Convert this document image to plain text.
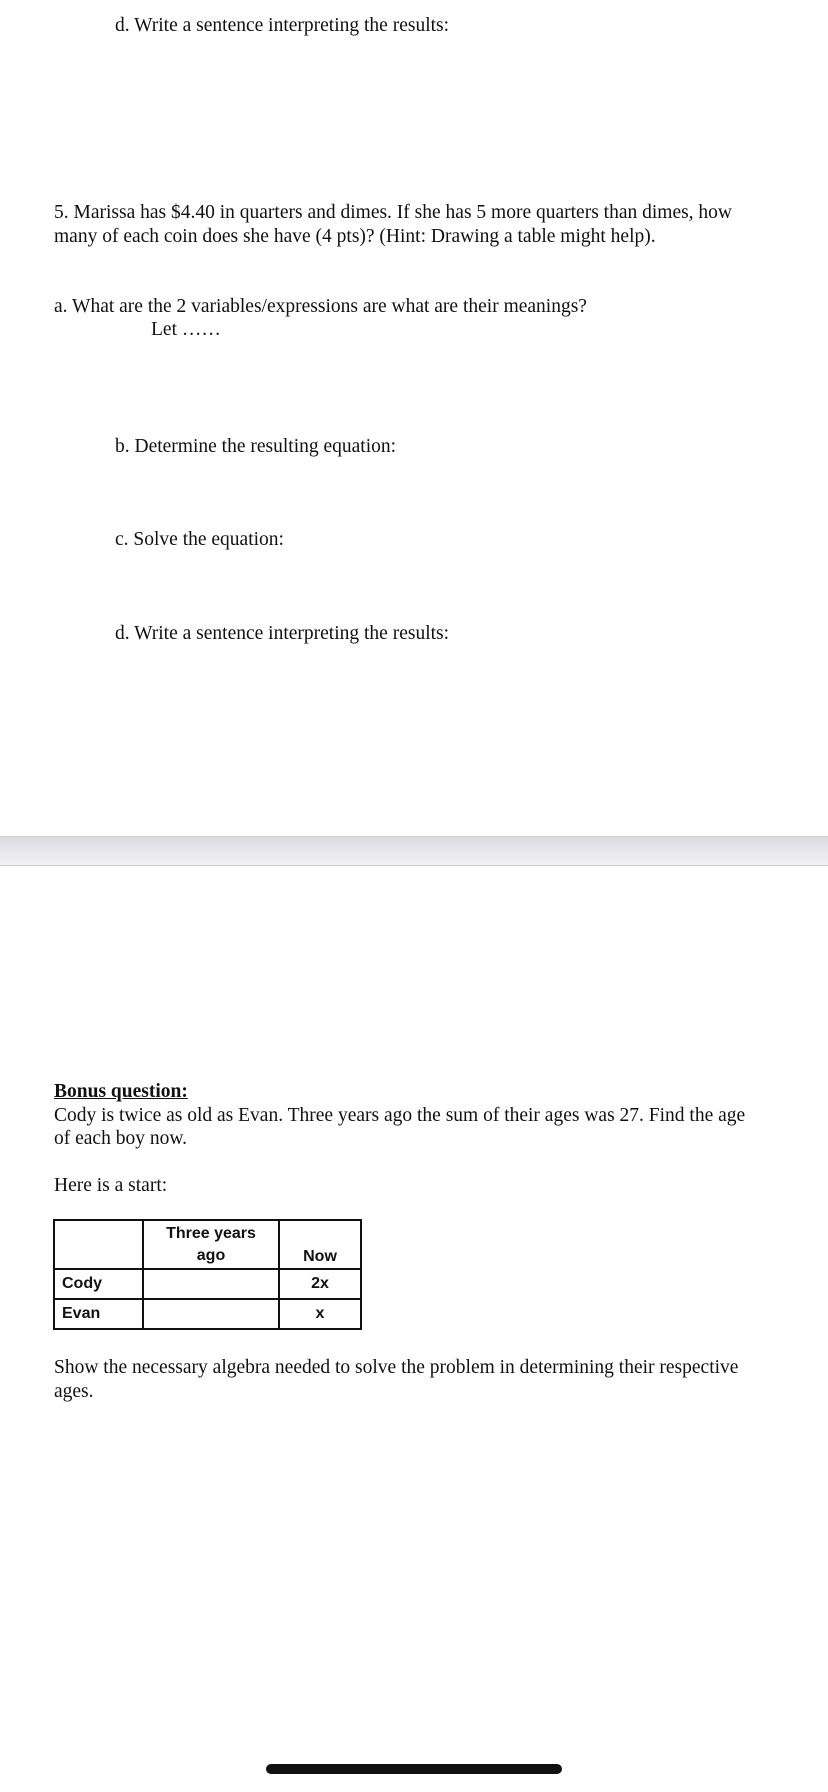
d. Write a sentence interpreting the results:
5. Marissa has $4.40 in quarters and dimes. If she has 5 more quarters than dimes, how
many of each coin does she have (4 pts)? (Hint: Drawing a table might help).
a. What are the 2 variables/expressions are what are their meanings?
Let ……
b. Determine the resulting equation:
c. Solve the equation:
d. Write a sentence interpreting the results:
Bonus question:
Cody is twice as old as Evan. Three years ago the sum of their ages was 27. Find the age
of each boy now.
Here is a start:

	Three years
ago	Now
Cody		2x
Evan		x
Show the necessary algebra needed to solve the problem in determining their respective
ages.
